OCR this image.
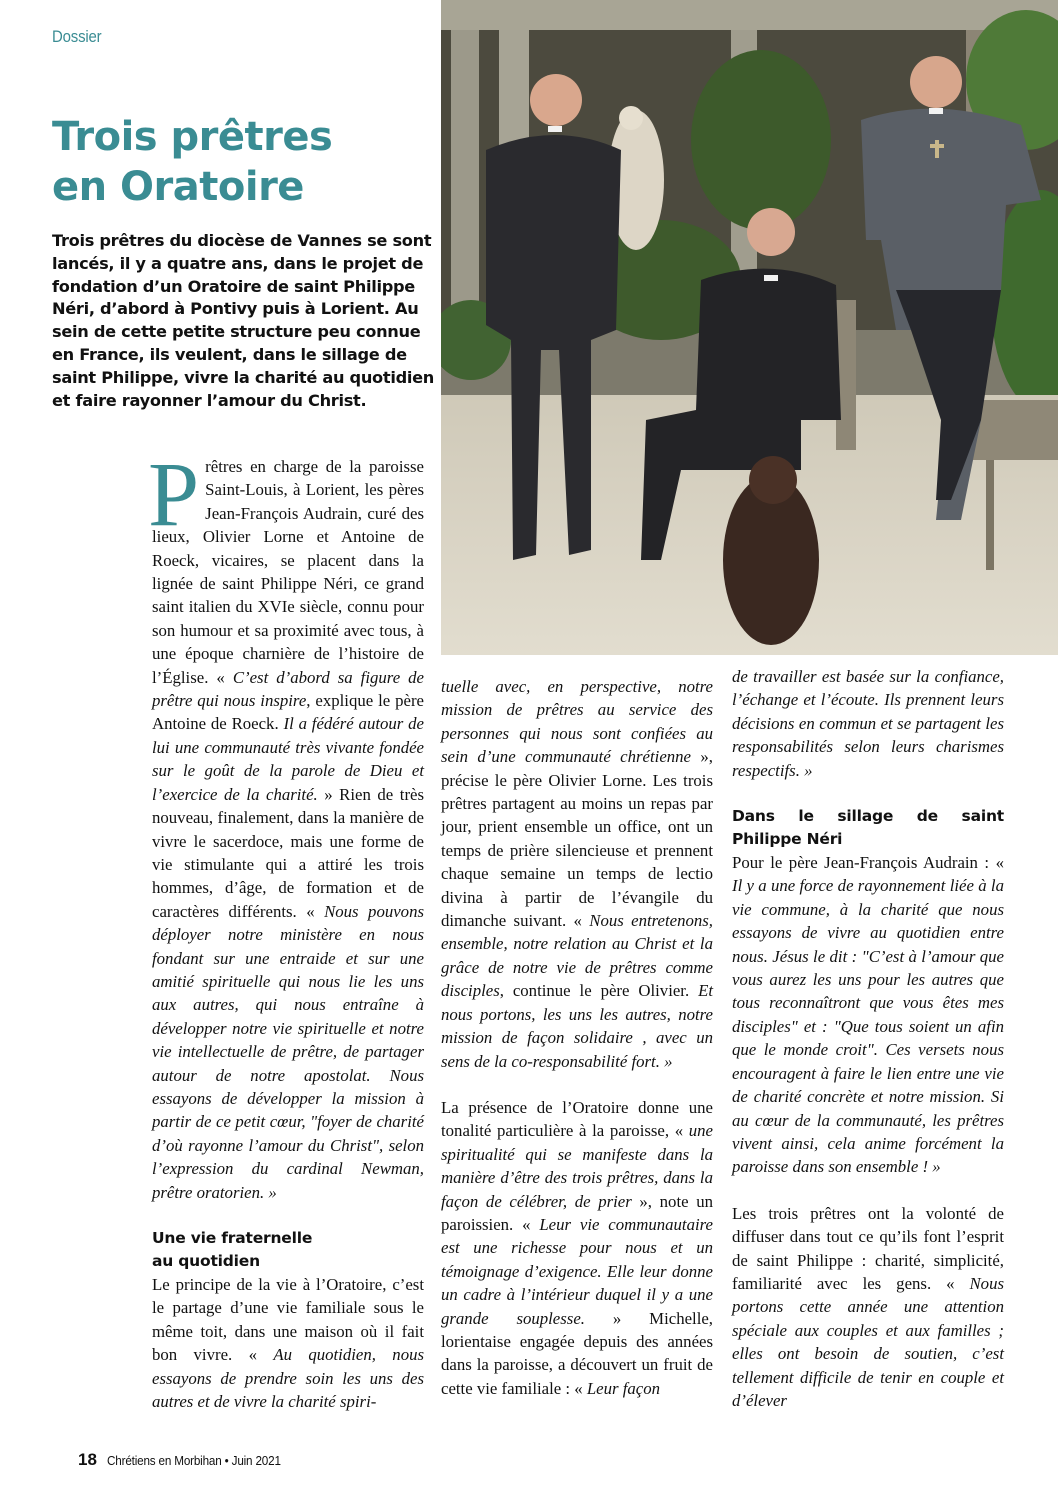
Dossier
Trois prêtres
en Oratoire

Trois prêtres du diocèse de Vannes se sont lancés, il y a quatre ans, dans le projet de fondation d’un Oratoire de saint Philippe Néri, d’abord à Pontivy puis à Lorient. Au sein de cette petite structure peu connue en France, ils veulent, dans le sillage de saint Philippe, vivre la charité au quotidien et faire rayonner l’amour du Christ.

Prêtres en charge de la paroisse Saint-Louis, à Lorient, les pères Jean-François Audrain, curé des lieux, Olivier Lorne et Antoine de Roeck, vicaires, se placent dans la lignée de saint Philippe Néri, ce grand saint italien du XVIe siècle, connu pour son humour et sa proximité avec tous, à une époque charnière de l’histoire de l’Église. « C’est d’abord sa figure de prêtre qui nous inspire, explique le père Antoine de Roeck. Il a fédéré autour de lui une communauté très vivante fondée sur le goût de la parole de Dieu et l’exercice de la charité. » Rien de très nouveau, finalement, dans la manière de vivre le sacerdoce, mais une forme de vie stimulante qui a attiré les trois hommes, d’âge, de formation et de caractères différents. « Nous pouvons déployer notre ministère en nous fondant sur une entraide et sur une amitié spirituelle qui nous lie les uns aux autres, qui nous entraîne à développer notre vie spirituelle et notre vie intellectuelle de prêtre, de partager autour de notre apostolat. Nous essayons de développer la mission à partir de ce petit cœur, "foyer de charité d’où rayonne l’amour du Christ", selon l’expression du cardinal Newman, prêtre oratorien. »

Une vie fraternelle au quotidien

Le principe de la vie à l’Oratoire, c’est le partage d’une vie familiale sous le même toit, dans une maison où il fait bon vivre. « Au quotidien, nous essayons de prendre soin les uns des autres et de vivre la charité spiri-

tuelle avec, en perspective, notre mission de prêtres au service des personnes qui nous sont confiées au sein d’une communauté chrétienne », précise le père Olivier Lorne. Les trois prêtres partagent au moins un repas par jour, prient ensemble un office, ont un temps de prière silencieuse et prennent chaque semaine un temps de lectio divina à partir de l’évangile du dimanche suivant. « Nous entretenons, ensemble, notre relation au Christ et la grâce de notre vie de prêtres comme disciples, continue le père Olivier. Et nous portons, les uns les autres, notre mission de façon solidaire , avec un sens de la co-responsabilité fort. »

La présence de l’Oratoire donne une tonalité particulière à la paroisse, « une spiritualité qui se manifeste dans la manière d’être des trois prêtres, dans la façon de célébrer, de prier », note un paroissien. « Leur vie communautaire est une richesse pour nous et un témoignage d’exigence. Elle leur donne un cadre à l’intérieur duquel il y a une grande souplesse. » Michelle, lorientaise engagée depuis des années dans la paroisse, a découvert un fruit de cette vie familiale : « Leur façon

de travailler est basée sur la confiance, l’échange et l’écoute. Ils prennent leurs décisions en commun et se partagent les responsabilités selon leurs charismes respectifs. »

Dans le sillage de saint Philippe Néri

Pour le père Jean-François Audrain : « Il y a une force de rayonnement liée à la vie commune, à la charité que nous essayons de vivre au quotidien entre nous. Jésus le dit : "C’est à l’amour que vous aurez les uns pour les autres que tous reconnaîtront que vous êtes mes disciples" et : "Que tous soient un afin que le monde croit". Ces versets nous encouragent à faire le lien entre une vie de charité concrète et notre mission. Si au cœur de la communauté, les prêtres vivent ainsi, cela anime forcément la paroisse dans son ensemble ! »

Les trois prêtres ont la volonté de diffuser dans tout ce qu’ils font l’esprit de saint Philippe : charité, simplicité, familiarité avec les gens. « Nous portons cette année une attention spéciale aux couples et aux familles ; elles ont besoin de soutien, c’est tellement difficile de tenir en couple et d’élever

18 Chrétiens en Morbihan • Juin 2021
